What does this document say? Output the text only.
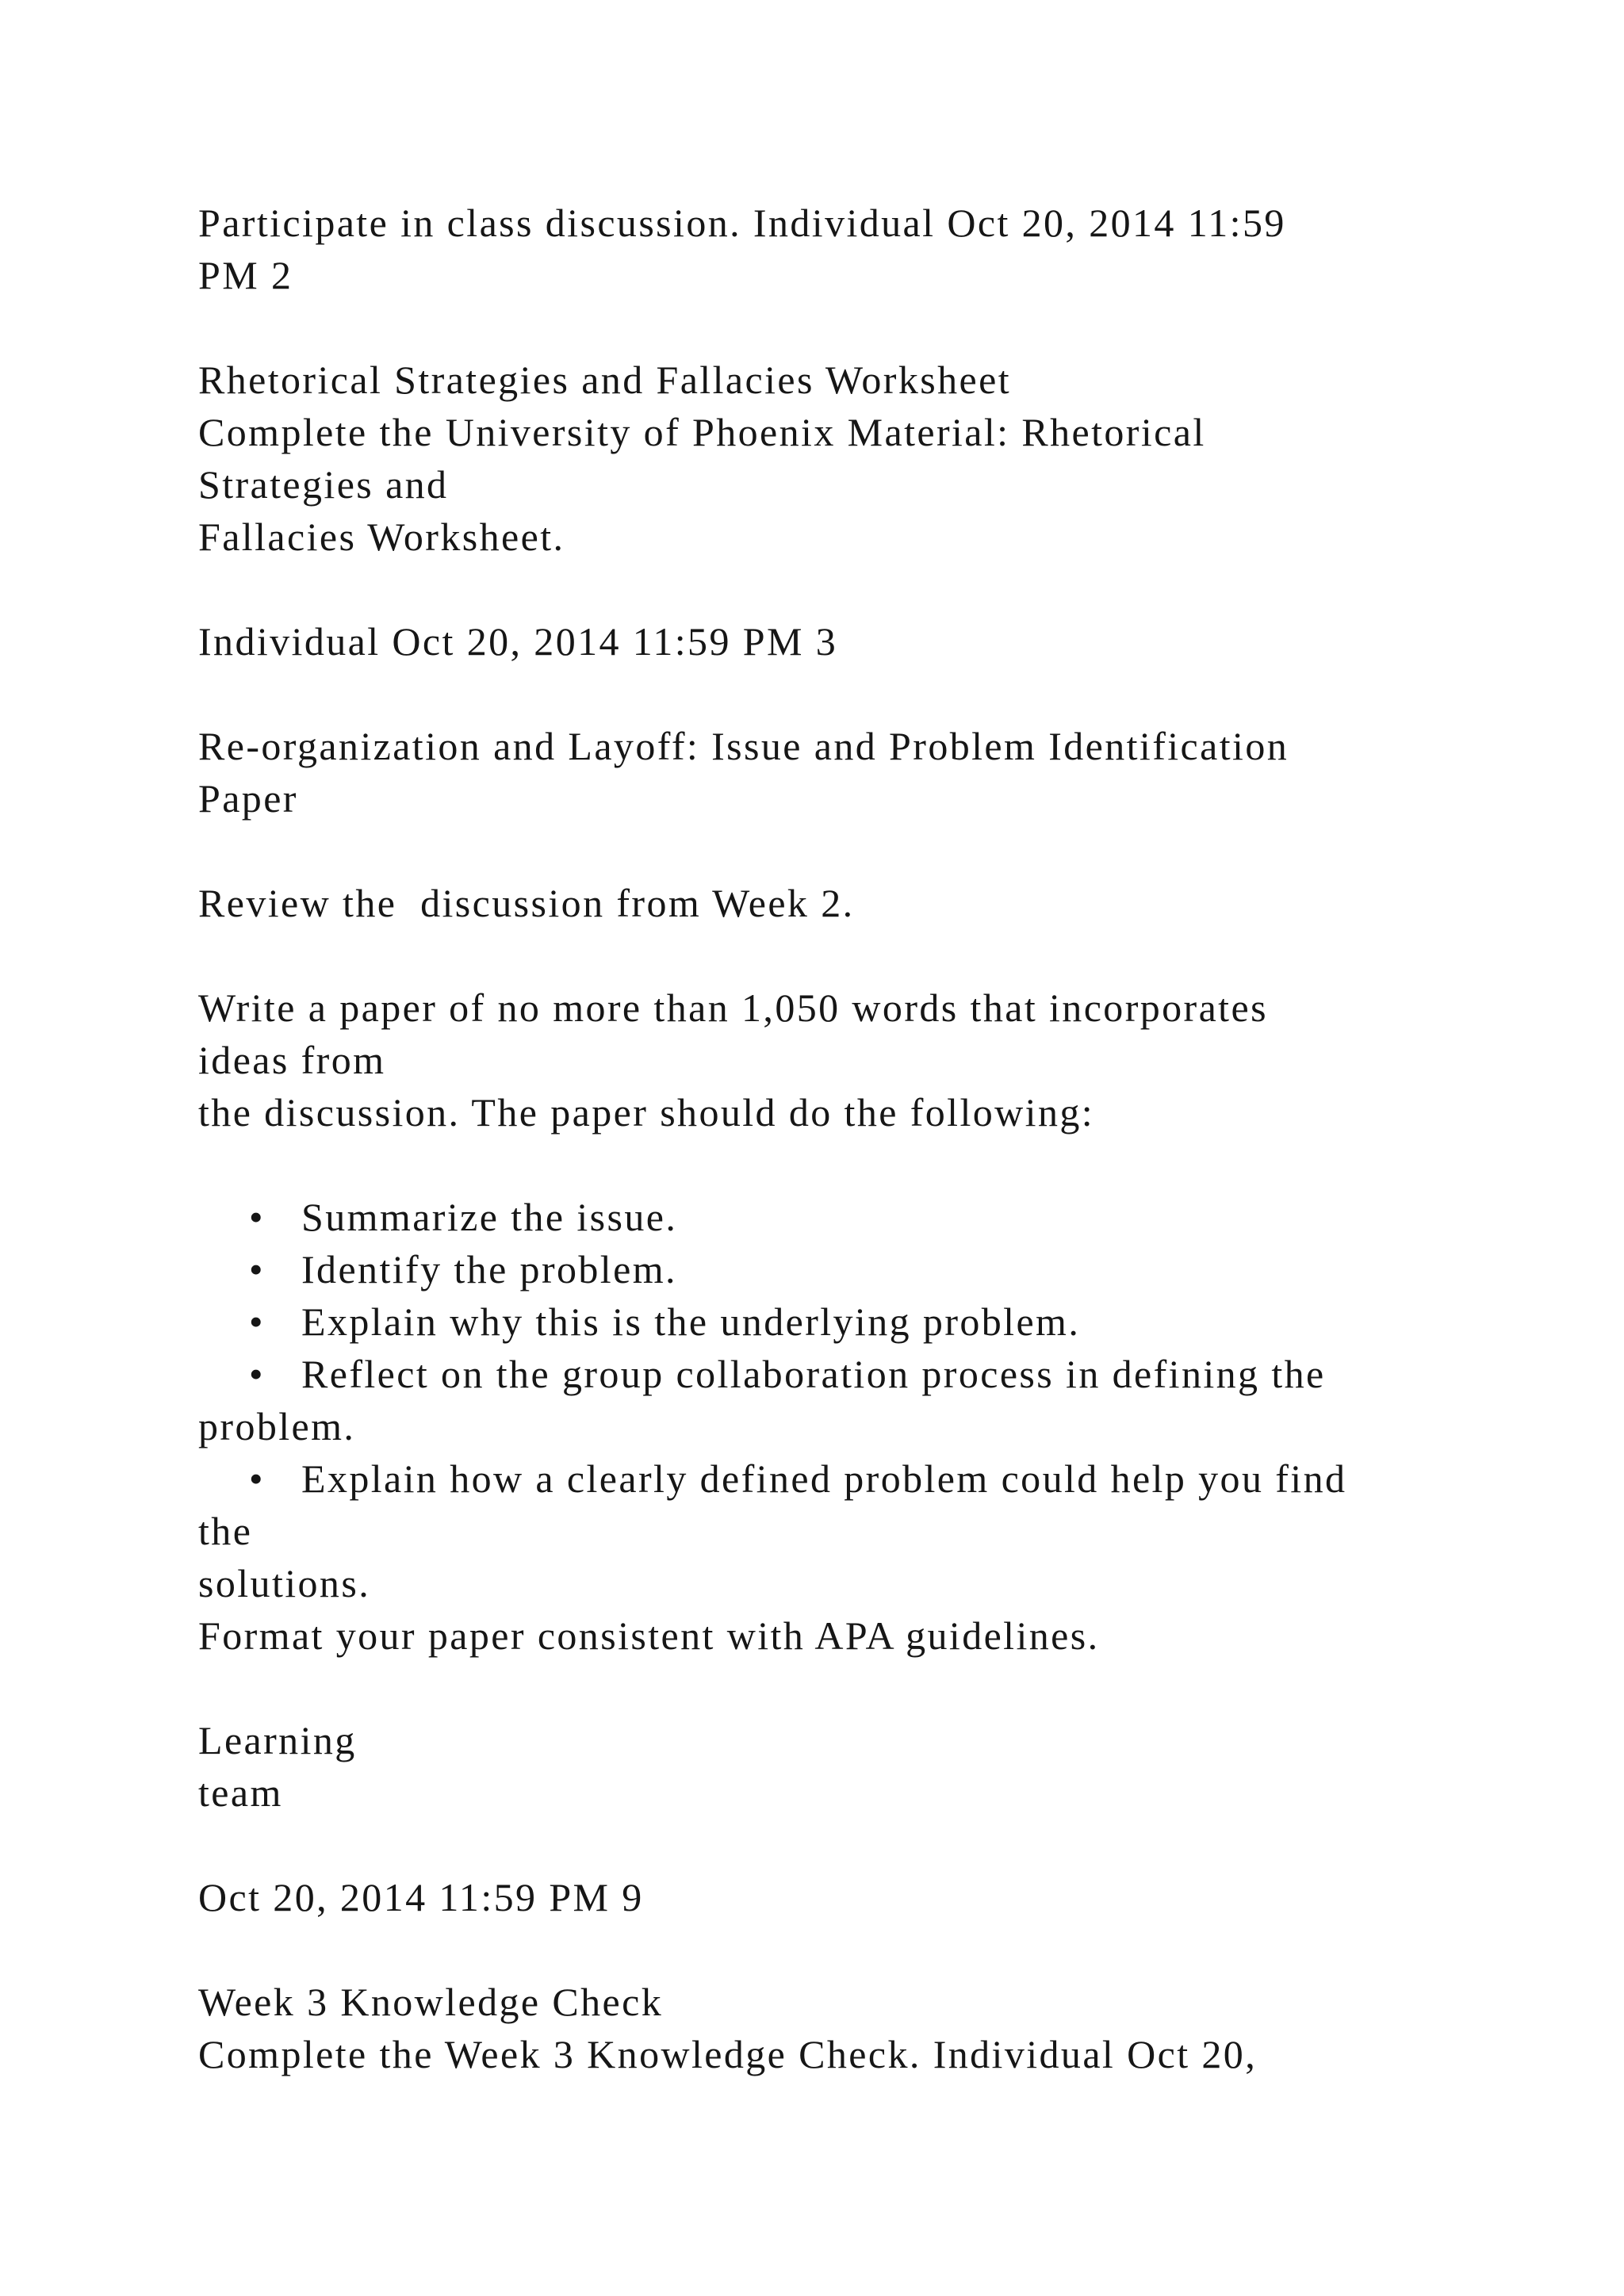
Participate in class discussion. Individual Oct 20, 2014 11:59

PM 2

Rhetorical Strategies and Fallacies Worksheet

Complete the University of Phoenix Material: Rhetorical

Strategies and

Fallacies Worksheet.

Individual Oct 20, 2014 11:59 PM 3

Re-organization and Layoff: Issue and Problem Identification

Paper

Review the  discussion from Week 2.

Write a paper of no more than 1,050 words that incorporates

ideas from

the discussion. The paper should do the following:

• Summarize the issue.

• Identify the problem.

• Explain why this is the underlying problem.

• Reflect on the group collaboration process in defining the

problem.

• Explain how a clearly defined problem could help you find

the

solutions.

Format your paper consistent with APA guidelines.

Learning

team

Oct 20, 2014 11:59 PM 9

Week 3 Knowledge Check

Complete the Week 3 Knowledge Check. Individual Oct 20,
